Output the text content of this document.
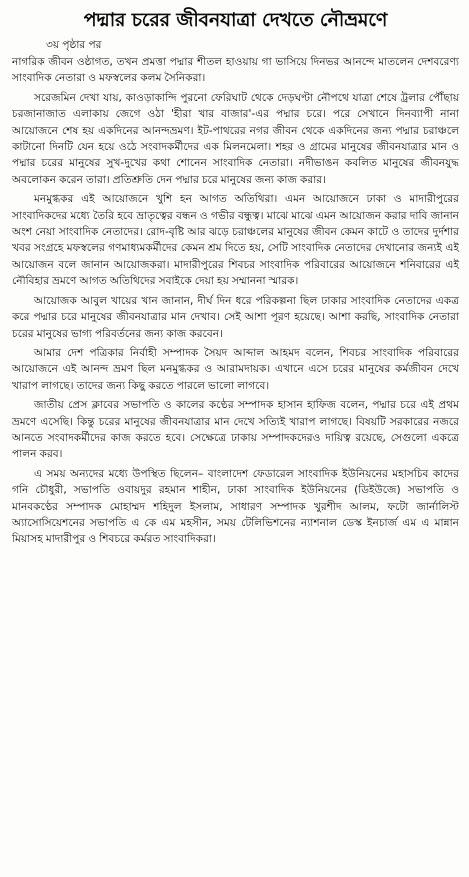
পদ্মার চরের জীবনযাত্রা দেখতে নৌভ্রমণে
৩য় পৃষ্ঠার পর

নাগরিক জীবন ওষ্ঠাগত, তখন প্রমত্তা পদ্মার শীতল হাওয়ায় গা ভাসিয়ে দিনভর আনন্দে মাতলেন দেশবরেণ্য সাংবাদিক নেতারা ও মফস্বলের কলম সৈনিকরা।

সরেজমিন দেখা যায়, কাওড়াকান্দি পুরনো ফেরিঘাট থেকে দেড়ঘণ্টা নৌপথে যাত্রা শেষে ট্রলার পৌঁছায় চরজানাজাত এলাকায় জেগে ওঠা 'হীরা খার বাজার'-এর পদ্মার চরে। পরে সেখানে দিনব্যাপী নানা আয়োজনে শেষ হয় একদিনের আনন্দভ্রমণ। ইট-পাথরের নগর জীবন থেকে একদিনের জন্য পদ্মার চরাঞ্চলে কাটানো দিনটি যেন হয়ে ওঠে সংবাদকর্মীদের এক মিলনমেলা। শহর ও গ্রামের মানুষের জীবনযাত্রার মান ও পদ্মার চরের মানুষের সুখ-দুখের কথা শোনেন সাংবাদিক নেতারা। নদীভাঙন কবলিত মানুষের জীবনযুদ্ধ অবলোকন করেন তারা। প্রতিশ্রুতি দেন পদ্মার চরে মানুষের জন্য কাজ করার।

মনমুগ্ধকর এই আয়োজনে খুশি হন আগত অতিথিরা। এমন আয়োজনে ঢাকা ও মাদারীপুরের সাংবাদিকদের মধ্যে তৈরি হবে ভ্রাতৃত্বের বন্ধন ও গভীর বন্ধুত্ব। মাঝে মাঝে এমন আয়োজন করার দাবি জানান অংশ নেয়া সাংবাদিক নেতাদের। রোদ-বৃষ্টি আর ঝড়ে চরাঞ্চলের মানুষের জীবন কেমন কাটে ও তাদের দুর্দশার খবর সংগ্রহে মফস্বলের গণমাধ্যমকর্মীদের কেমন শ্রম দিতে হয়, সেটি সাংবাদিক নেতাদের দেখানোর জন্যই এই আয়োজন বলে জানান আয়োজকরা। মাদারীপুরের শিবচর সাংবাদিক পরিবারের আয়োজনে শনিবারের এই নৌবিহার ভ্রমণে আগত অতিথিদের সবাইকে দেয়া হয় সম্মাননা স্মারক।

আয়োজক আবুল খায়ের খান জানান, দীর্ঘ দিন ধরে পরিকল্পনা ছিল ঢাকার সাংবাদিক নেতাদের একত্র করে পদ্মার চরে মানুষের জীবনযাত্রার মান দেখাব। সেই আশা পূরণ হয়েছে। আশা করছি, সাংবাদিক নেতারা চরের মানুষের ভাগ্য পরিবর্তনের জন্য কাজ করবেন।

আমার দেশ পত্রিকার নির্বাহী সম্পাদক সৈয়দ আব্দাল আহমদ বলেন, শিবচর সাংবাদিক পরিবারের আয়োজনে এই আনন্দ ভ্রমণ ছিল মনমুগ্ধকর ও আরামদায়ক। এখানে এসে চরের মানুষের কর্মজীবন দেখে খারাপ লাগছে। তাদের জন্য কিছু করতে পারলে ভালো লাগবে।

জাতীয় প্রেস ক্লাবের সভাপতি ও কালের কণ্ঠের সম্পাদক হাসান হাফিজ বলেন, পদ্মার চরে এই প্রথম ভ্রমণে এসেছি। কিন্তু চরের মানুষের জীবনযাত্রার মান দেখে সত্যিই খারাপ লাগছে। বিষয়টি সরকারের নজরে আনতে সংবাদকর্মীদের কাজ করতে হবে। সেক্ষেত্রে ঢাকায় সম্পাদকদেরও দায়িত্ব রয়েছে, সেগুলো একত্রে পালন করব।

এ সময় অন্যদের মধ্যে উপস্থিত ছিলেন– বাংলাদেশ ফেডারেল সাংবাদিক ইউনিয়নের মহাসচিব কাদের গনি চৌধুরী, সভাপতি ওবায়দুর রহমান শাহীন, ঢাকা সাংবাদিক ইউনিয়নের (ডিইউজে) সভাপতি ও মানবকণ্ঠের সম্পাদক মোহাম্মদ শহিদুল ইসলাম, সাধারণ সম্পাদক খুরশীদ আলম, ফটো জার্নালিস্ট অ্যাসোসিয়েশনের সভাপতি এ কে এম মহসীন, সময় টেলিভিশনের ন্যাশনাল ডেস্ক ইনচার্জ এম এ মান্নান মিয়াসহ মাদারীপুর ও শিবচরে কর্মরত সাংবাদিকরা।
